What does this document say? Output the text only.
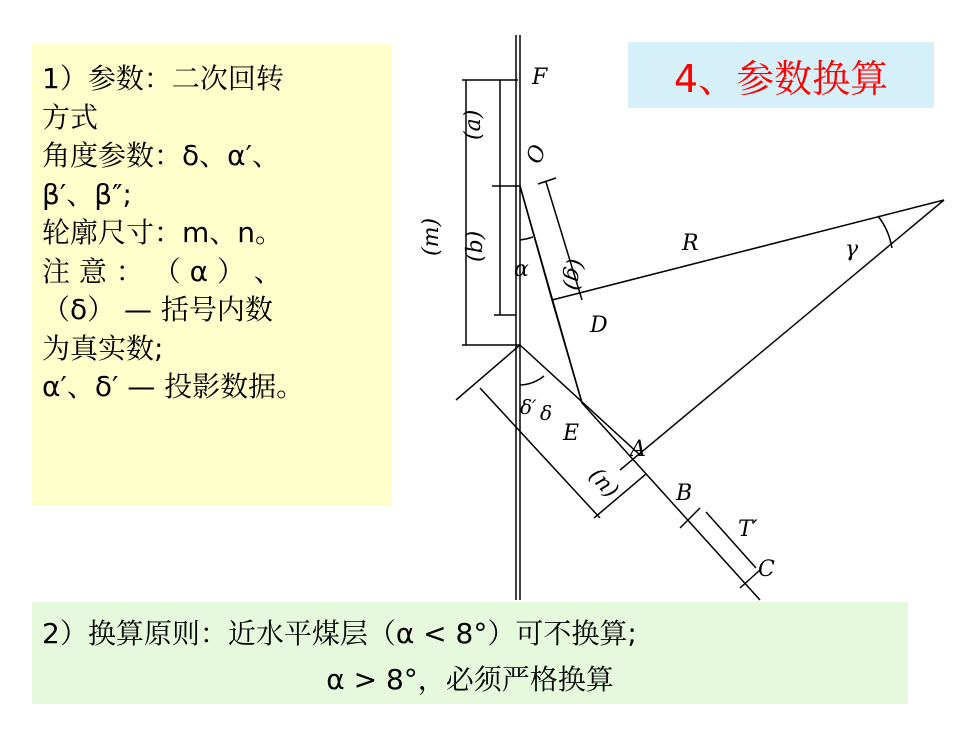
F
O
(a)
(b)
(m)
(g)
α
R	γ
D
δ′ δ
E
A
(n) B
T′
C
1）参数：二次回转
方式
角度参数：δ、α′、
β′、β″;
轮廓尺寸：m、n。
注 意 ： （ α ） 、
（δ） — 括号内数
为真实数;
α′、δ′ — 投影数据。
4、参数换算
2）换算原则：近水平煤层（α < 8°）可不换算;
α > 8°，必须严格换算
